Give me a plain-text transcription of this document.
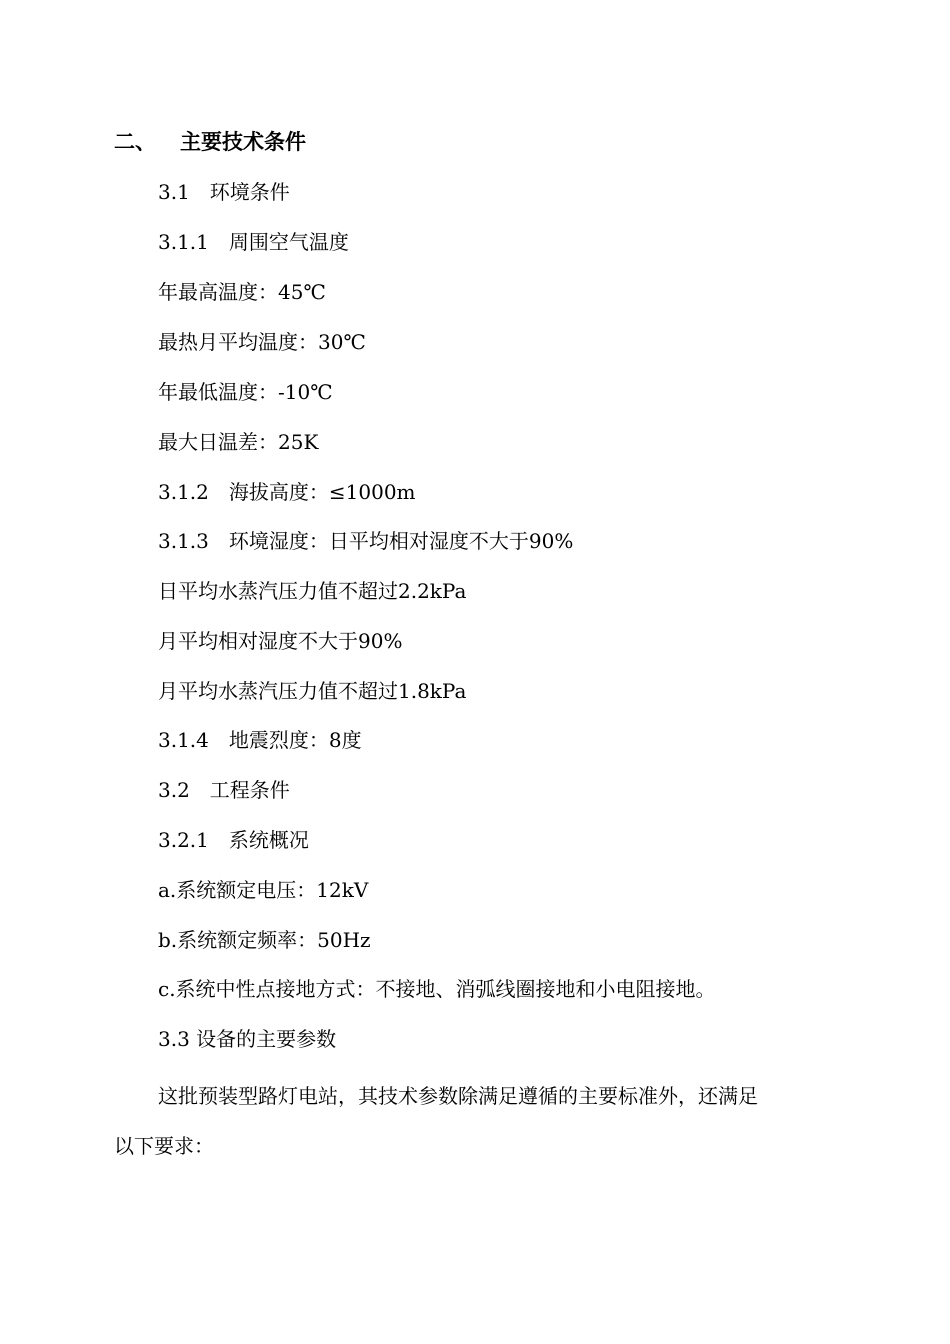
二、 主要技术条件
3.1　环境条件
3.1.1　周围空气温度
年最高温度：45℃
最热月平均温度：30℃
年最低温度：-10℃
最大日温差：25K
3.1.2　海拔高度：≤1000m
3.1.3　环境湿度：日平均相对湿度不大于90%
日平均水蒸汽压力值不超过2.2kPa
月平均相对湿度不大于90%
月平均水蒸汽压力值不超过1.8kPa
3.1.4　地震烈度：8度
3.2　工程条件
3.2.1　系统概况
a.系统额定电压：12kV
b.系统额定频率：50Hz
c.系统中性点接地方式：不接地、消弧线圈接地和小电阻接地。
3.3 设备的主要参数
这批预装型路灯电站，其技术参数除满足遵循的主要标准外，还满足
以下要求：
